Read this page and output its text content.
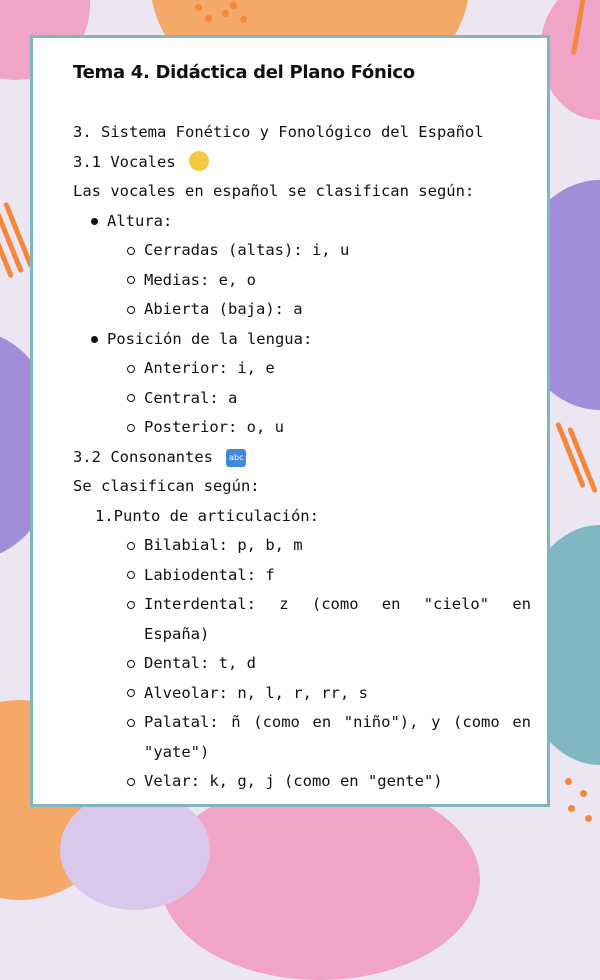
Tema 4. Didáctica del Plano Fónico
3. Sistema Fonético y Fonológico del Español
3.1 Vocales
Las vocales en español se clasifican según:
Altura:
Cerradas (altas): i, u
Medias: e, o
Abierta (baja): a
Posición de la lengua:
Anterior: i, e
Central: a
Posterior: o, u
3.2 Consonantes abc
Se clasifican según:
1.Punto de articulación:
Bilabial: p, b, m
Labiodental: f
Interdental: z (como en "cielo" en España)
Dental: t, d
Alveolar: n, l, r, rr, s
Palatal: ñ (como en "niño"), y (como en "yate")
Velar: k, g, j (como en "gente")
